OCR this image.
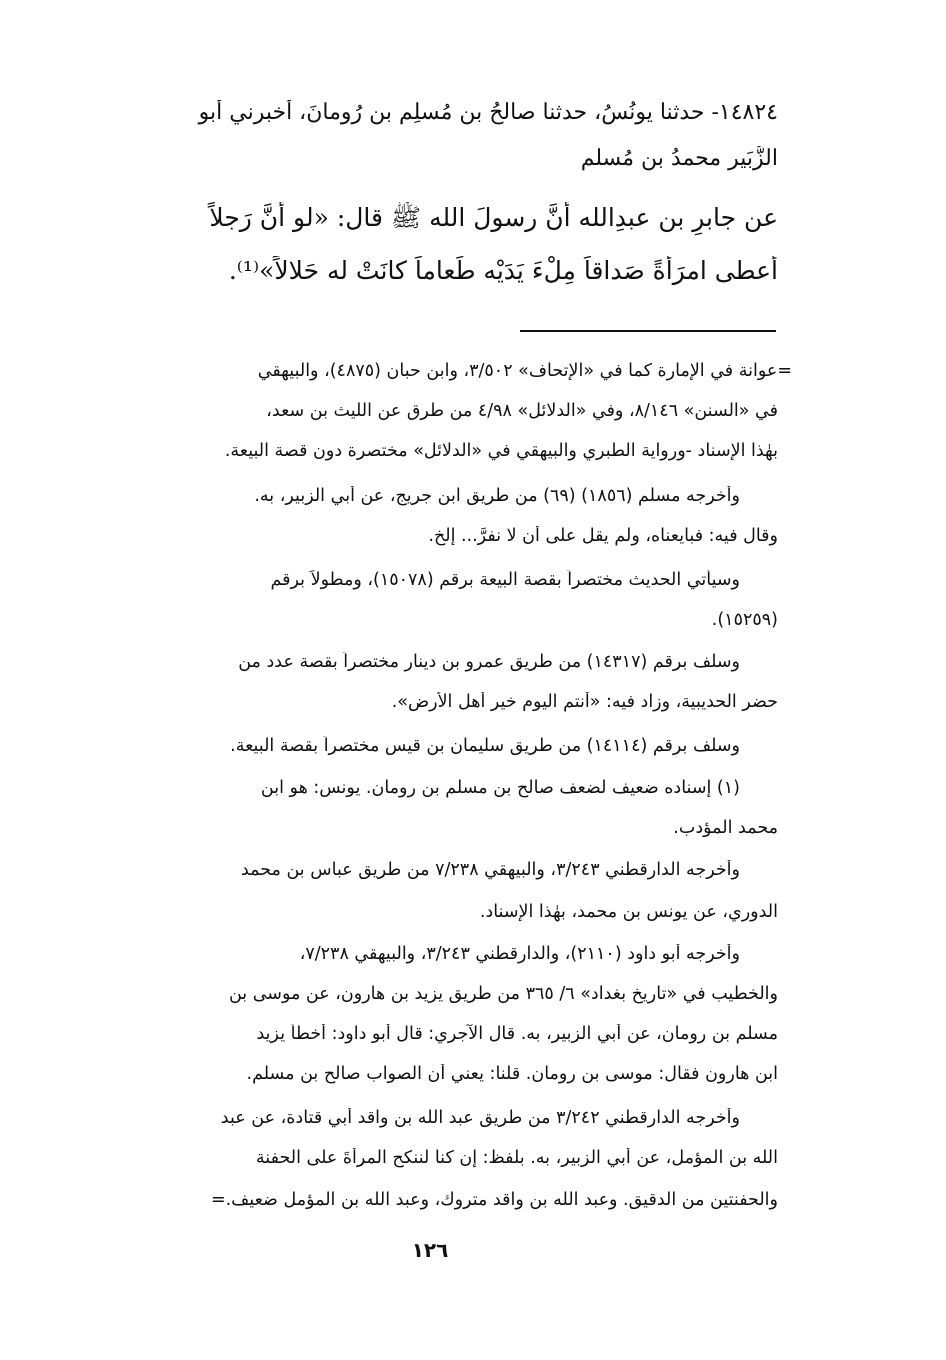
١٤٨٢٤- حدثنا يونُسُ، حدثنا صالحُ بن مُسلِم بن رُومانَ، أخبرني أبو
الزُّبَير محمدُ بن مُسلمٍ
عن جابرِ بن عبدِالله أَنَّ رسولَ الله ﷺ قال: «لو أَنَّ رَجلاً
أَعطى امرَأَةً صَداقاً مِلْءَ يَدَيْه طَعاماً كانَتْ له حَلالاً»⁽¹⁾.
=عوانة في الإمارة كما في «الإتحاف» ٣/٥٠٢، وابن حبان (٤٨٧٥)، والبيهقي
في «السنن» ٨/١٤٦، وفي «الدلائل» ٤/٩٨ من طرق عن الليث بن سعد،
بهٰذا الإسناد -ورواية الطبري والبيهقي في «الدلائل» مختصرة دون قصة البيعة.
وأخرجه مسلم (١٨٥٦) (٦٩) من طريق ابن جريج، عن أبي الزبير، به.
وقال فيه: فبايعناه، ولم يقل على أن لا نفرَّ... إلخ.
وسيأتي الحديث مختصراً بقصة البيعة برقم (١٥٠٧٨)، ومطولاً برقم
(١٥٢٥٩).
وسلف برقم (١٤٣١٧) من طريق عمرو بن دينار مختصراً بقصة عدد من
حضر الحديبية، وزاد فيه: «أنتم اليوم خير أهل الأرض».
وسلف برقم (١٤١١٤) من طريق سليمان بن قيس مختصراً بقصة البيعة.
(١) إسناده ضعيف لضعف صالح بن مسلم بن رومان. يونس: هو ابن
محمد المؤدب.
وأخرجه الدارقطني ٣/٢٤٣، والبيهقي ٧/٢٣٨ من طريق عباس بن محمد
الدوري، عن يونس بن محمد، بهٰذا الإسناد.
وأخرجه أبو داود (٢١١٠)، والدارقطني ٣/٢٤٣، والبيهقي ٧/٢٣٨،
والخطيب في «تاريخ بغداد» ٦/ ٣٦٥ من طريق يزيد بن هارون، عن موسى بن
مسلم بن رومان، عن أبي الزبير، به. قال الآجري: قال أبو داود: أخطأ يزيد
ابن هارون فقال: موسى بن رومان. قلنا: يعني أن الصواب صالح بن مسلم.
وأخرجه الدارقطني ٣/٢٤٢ من طريق عبد الله بن واقد أبي قتادة، عن عبد
الله بن المؤمل، عن أبي الزبير، به. بلفظ: إن كنا لننكح المرأةَ على الحفنة
والحفنتين من الدقيق. وعبد الله بن واقد متروك، وعبد الله بن المؤمل ضعيف.=
١٢٦
